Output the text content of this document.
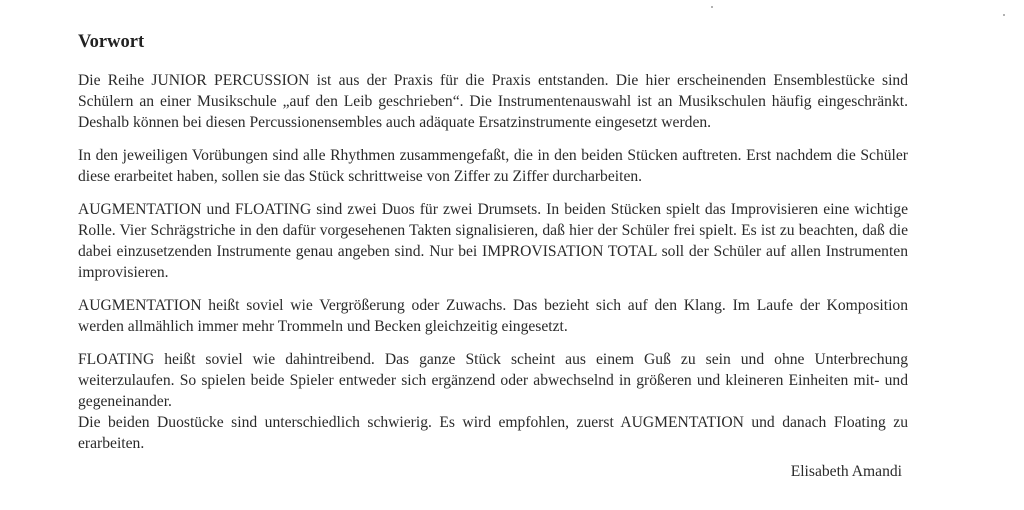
Vorwort

Die Reihe JUNIOR PERCUSSION ist aus der Praxis für die Praxis entstanden. Die hier erscheinenden Ensemblestücke sind Schülern an einer Musikschule „auf den Leib geschrieben“. Die Instrumentenauswahl ist an Musikschulen häufig eingeschränkt. Deshalb können bei diesen Percussionensembles auch adäquate Ersatzinstrumente eingesetzt werden.

In den jeweiligen Vorübungen sind alle Rhythmen zusammengefaßt, die in den beiden Stücken auftreten. Erst nachdem die Schüler diese erarbeitet haben, sollen sie das Stück schrittweise von Ziffer zu Ziffer durcharbeiten.

AUGMENTATION und FLOATING sind zwei Duos für zwei Drumsets. In beiden Stücken spielt das Improvisieren eine wichtige Rolle. Vier Schrägstriche in den dafür vorgesehenen Takten signalisieren, daß hier der Schüler frei spielt. Es ist zu beachten, daß die dabei einzusetzenden Instrumente genau angeben sind. Nur bei IMPROVISATION TOTAL soll der Schüler auf allen Instrumenten improvisieren.

AUGMENTATION heißt soviel wie Vergrößerung oder Zuwachs. Das bezieht sich auf den Klang. Im Laufe der Komposition werden allmählich immer mehr Trommeln und Becken gleichzeitig eingesetzt.

FLOATING heißt soviel wie dahintreibend. Das ganze Stück scheint aus einem Guß zu sein und ohne Unterbrechung weiterzulaufen. So spielen beide Spieler entweder sich ergänzend oder abwechselnd in größeren und kleineren Einheiten mit- und gegeneinander.

Die beiden Duostücke sind unterschiedlich schwierig. Es wird empfohlen, zuerst AUGMENTATION und danach Floating zu erarbeiten.

Elisabeth Amandi
